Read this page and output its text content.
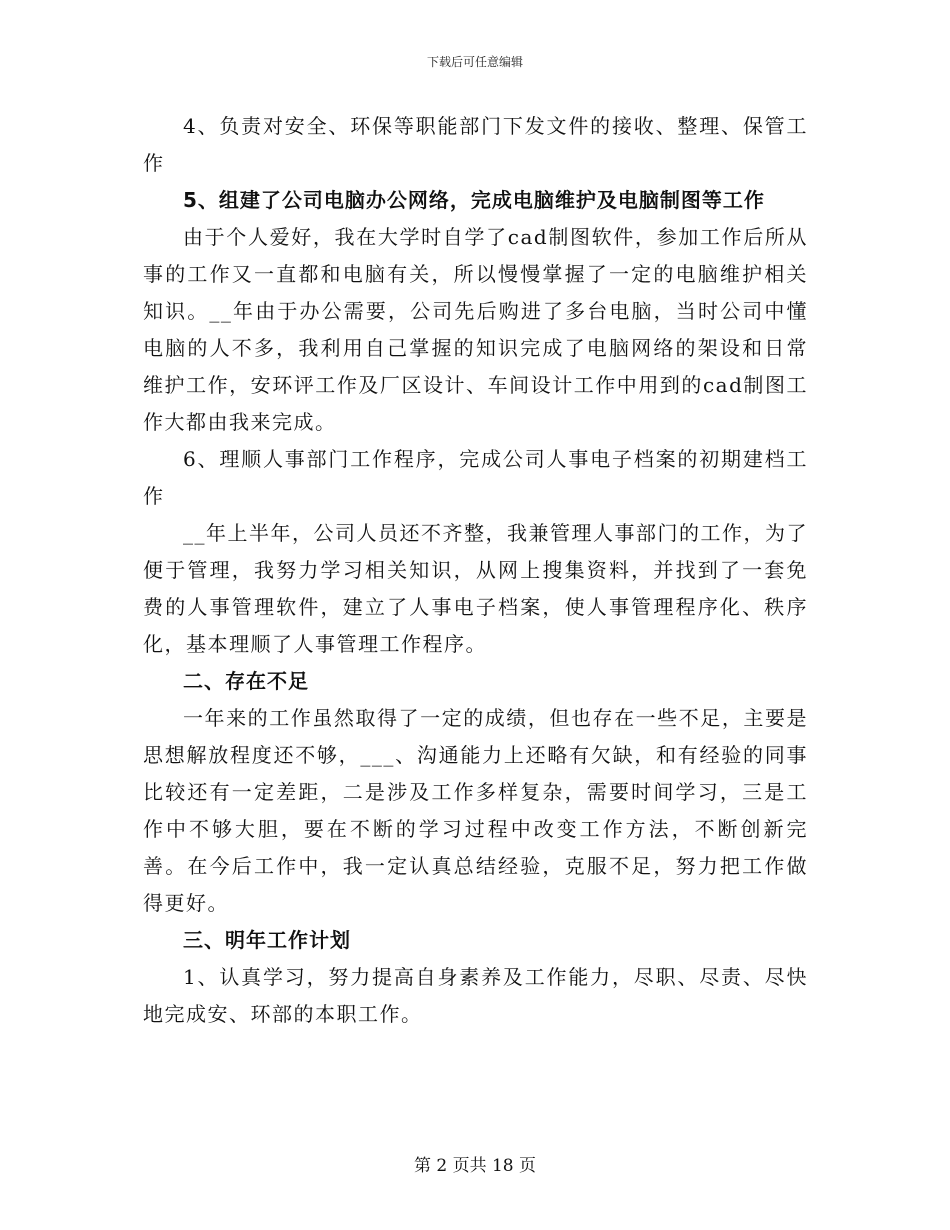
下载后可任意编辑

4、负责对安全、环保等职能部门下发文件的接收、整理、保管工作

5、组建了公司电脑办公网络，完成电脑维护及电脑制图等工作

由于个人爱好，我在大学时自学了cad制图软件，参加工作后所从事的工作又一直都和电脑有关，所以慢慢掌握了一定的电脑维护相关知识。__年由于办公需要，公司先后购进了多台电脑，当时公司中懂电脑的人不多，我利用自己掌握的知识完成了电脑网络的架设和日常维护工作，安环评工作及厂区设计、车间设计工作中用到的cad制图工作大都由我来完成。

6、理顺人事部门工作程序，完成公司人事电子档案的初期建档工作

__年上半年，公司人员还不齐整，我兼管理人事部门的工作，为了便于管理，我努力学习相关知识，从网上搜集资料，并找到了一套免费的人事管理软件，建立了人事电子档案，使人事管理程序化、秩序化，基本理顺了人事管理工作程序。

二、存在不足

一年来的工作虽然取得了一定的成绩，但也存在一些不足，主要是思想解放程度还不够，___、沟通能力上还略有欠缺，和有经验的同事比较还有一定差距，二是涉及工作多样复杂，需要时间学习，三是工作中不够大胆，要在不断的学习过程中改变工作方法，不断创新完善。在今后工作中，我一定认真总结经验，克服不足，努力把工作做得更好。

三、明年工作计划

1、认真学习，努力提高自身素养及工作能力，尽职、尽责、尽快地完成安、环部的本职工作。

第 2 页共 18 页
